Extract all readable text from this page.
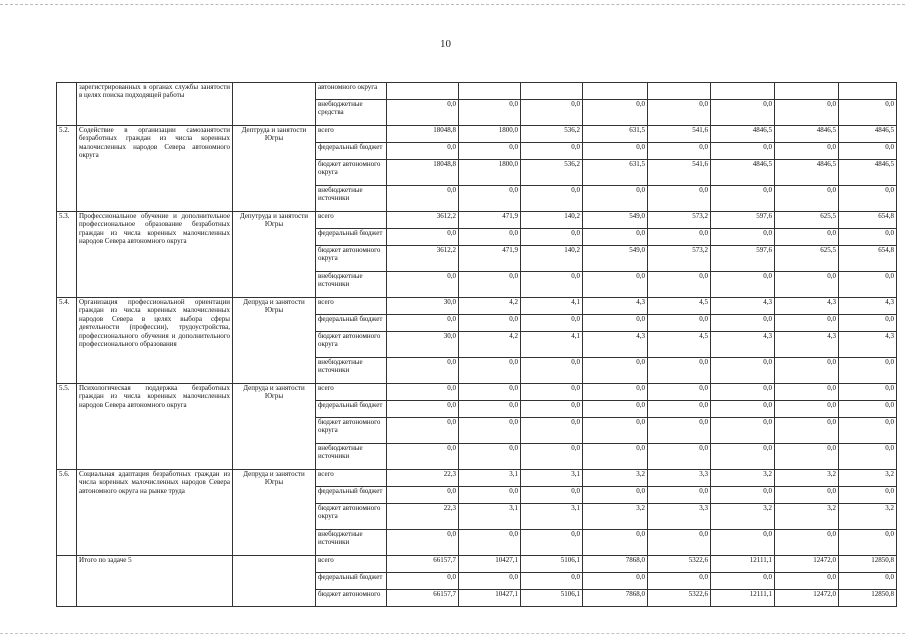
10
	зарегистрированных в органах службы занятости в целях поиска подходящей работы		автономного округа								
			внебюджетные средства	0,0	0,0	0,0	0,0	0,0	0,0	0,0	0,0
5.2.	Содействие в организации самозанятости безработных граждан из числа коренных малочисленных народов Севера автономного округа	Дептруда и занятости Югры	всего	18048,8	1800,0	536,2	631,5	541,6	4846,5	4846,5	4846,5
			федеральный бюджет	0,0	0,0	0,0	0,0	0,0	0,0	0,0	0,0
			бюджет автономного округа	18048,8	1800,0	536,2	631,5	541,6	4846,5	4846,5	4846,5
			внебюджетные источники	0,0	0,0	0,0	0,0	0,0	0,0	0,0	0,0
5.3.	Профессиональное обучение и дополнительное профессиональное образование безработных граждан из числа коренных малочисленных народов Севера автономного округа	Депутруда и занятости Югры	всего	3612,2	471,9	140,2	549,0	573,2	597,6	625,5	654,8
			федеральный бюджет	0,0	0,0	0,0	0,0	0,0	0,0	0,0	0,0
			бюджет автономного округа	3612,2	471,9	140,2	549,0	573,2	597,6	625,5	654,8
			внебюджетные источники	0,0	0,0	0,0	0,0	0,0	0,0	0,0	0,0
5.4.	Организация профессиональной ориентации граждан из числа коренных малочисленных народов Севера в целях выбора сферы деятельности (профессии), трудоустройства, профессионального обучения и дополнительного профессионального образования	Депруда и занятости Югры	всего	30,0	4,2	4,1	4,3	4,5	4,3	4,3	4,3
			федеральный бюджет	0,0	0,0	0,0	0,0	0,0	0,0	0,0	0,0
			бюджет автономного округа	30,0	4,2	4,1	4,3	4,5	4,3	4,3	4,3
			внебюджетные источники	0,0	0,0	0,0	0,0	0,0	0,0	0,0	0,0
5.5.	Психологическая поддержка безработных граждан из числа коренных малочисленных народов Севера автономного округа	Депруда и занятости Югры	всего	0,0	0,0	0,0	0,0	0,0	0,0	0,0	0,0
			федеральный бюджет	0,0	0,0	0,0	0,0	0,0	0,0	0,0	0,0
			бюджет автономного округа	0,0	0,0	0,0	0,0	0,0	0,0	0,0	0,0
			внебюджетные источники	0,0	0,0	0,0	0,0	0,0	0,0	0,0	0,0
5.6.	Социальная адаптация безработных граждан из числа коренных малочисленных народов Севера автономного округа на рынке труда	Депруда и занятости Югры	всего	22,3	3,1	3,1	3,2	3,3	3,2	3,2	3,2
			федеральный бюджет	0,0	0,0	0,0	0,0	0,0	0,0	0,0	0,0
			бюджет автономного округа	22,3	3,1	3,1	3,2	3,3	3,2	3,2	3,2
			внебюджетные источники	0,0	0,0	0,0	0,0	0,0	0,0	0,0	0,0
	Итого по задаче 5		всего	66157,7	10427,1	5106,1	7868,0	5322,6	12111,1	12472,0	12850,8
			федеральный бюджет	0,0	0,0	0,0	0,0	0,0	0,0	0,0	0,0
			бюджет автономного	66157,7	10427,1	5106,1	7868,0	5322,6	12111,1	12472,0	12850,8
